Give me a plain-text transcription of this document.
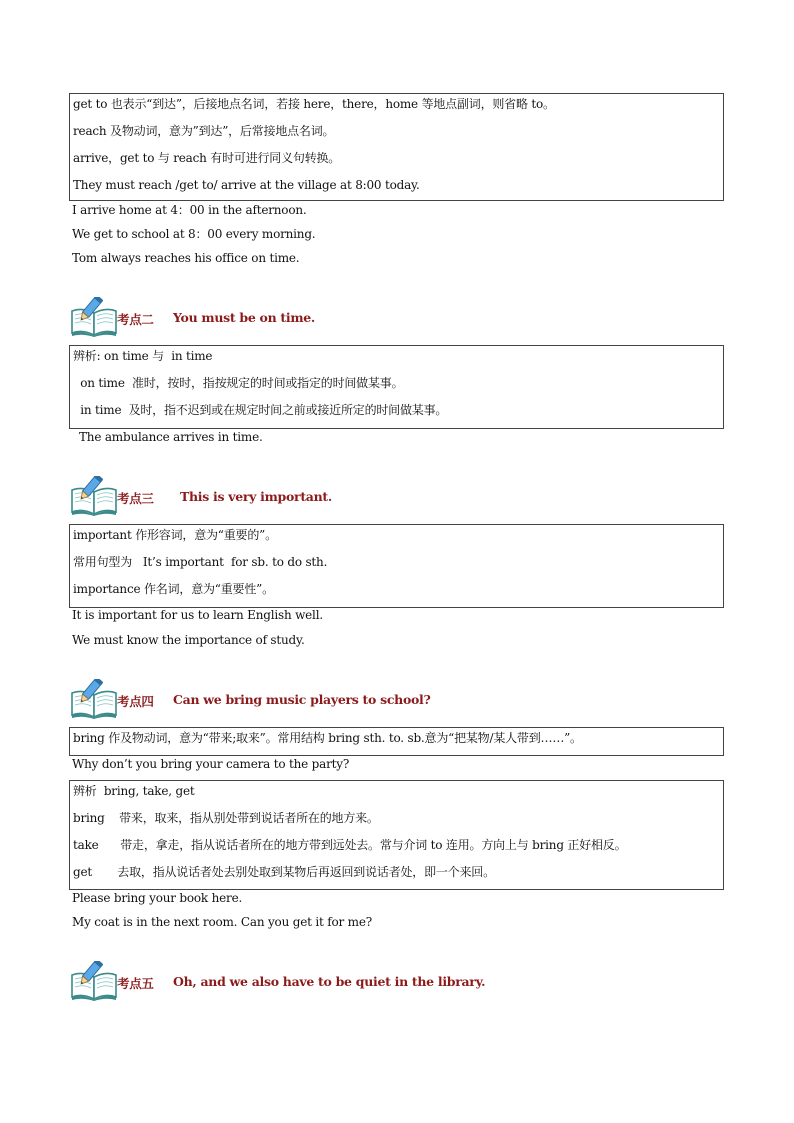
get to 也表示“到达”，后接地点名词，若接 here，there，home 等地点副词，则省略 to。
reach 及物动词，意为”到达”，后常接地点名词。
arrive，get to 与 reach 有时可进行同义句转换。
They must reach /get to/ arrive at the village at 8:00 today.
I arrive home at 4：00 in the afternoon.
We get to school at 8：00 every morning.
Tom always reaches his office on time.
考点二 You must be on time.
辨析: on time 与  in time
on time  准时，按时，指按规定的时间或指定的时间做某事。
in time  及时，指不迟到或在规定时间之前或接近所定的时间做某事。
The ambulance arrives in time.
考点三 This is very important.
important 作形容词，意为“重要的”。
常用句型为   It’s important  for sb. to do sth.
importance 作名词，意为“重要性”。
It is important for us to learn English well.
We must know the importance of study.
考点四 Can we bring music players to school?
bring 作及物动词，意为“带来;取来”。常用结构 bring sth. to. sb.意为“把某物/某人带到……”。
Why don’t you bring your camera to the party?
辨析  bring, take, get
bring    带来，取来，指从别处带到说话者所在的地方来。
take      带走，拿走，指从说话者所在的地方带到远处去。常与介词 to 连用。方向上与 bring 正好相反。
get       去取，指从说话者处去别处取到某物后再返回到说话者处，即一个来回。
Please bring your book here.
My coat is in the next room. Can you get it for me?
考点五 Oh, and we also have to be quiet in the library.
